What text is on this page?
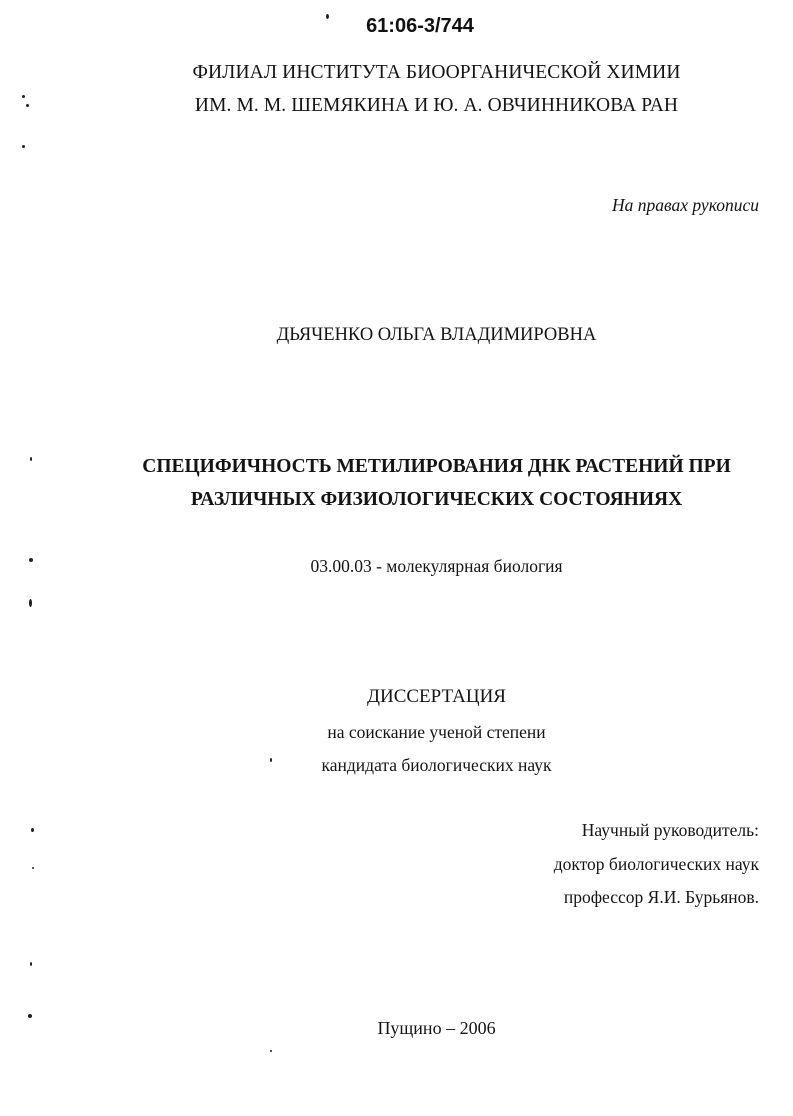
61:06-3/744
ФИЛИАЛ ИНСТИТУТА БИООРГАНИЧЕСКОЙ ХИМИИ
ИМ. М. М. ШЕМЯКИНА И Ю. А. ОВЧИННИКОВА РАН
На правах рукописи
ДЬЯЧЕНКО ОЛЬГА ВЛАДИМИРОВНА
СПЕЦИФИЧНОСТЬ МЕТИЛИРОВАНИЯ ДНК РАСТЕНИЙ ПРИ
РАЗЛИЧНЫХ ФИЗИОЛОГИЧЕСКИХ СОСТОЯНИЯХ
03.00.03 - молекулярная биология
ДИССЕРТАЦИЯ
на соискание ученой степени
кандидата биологических наук
Научный руководитель:
доктор биологических наук
профессор Я.И. Бурьянов.
Пущино – 2006
